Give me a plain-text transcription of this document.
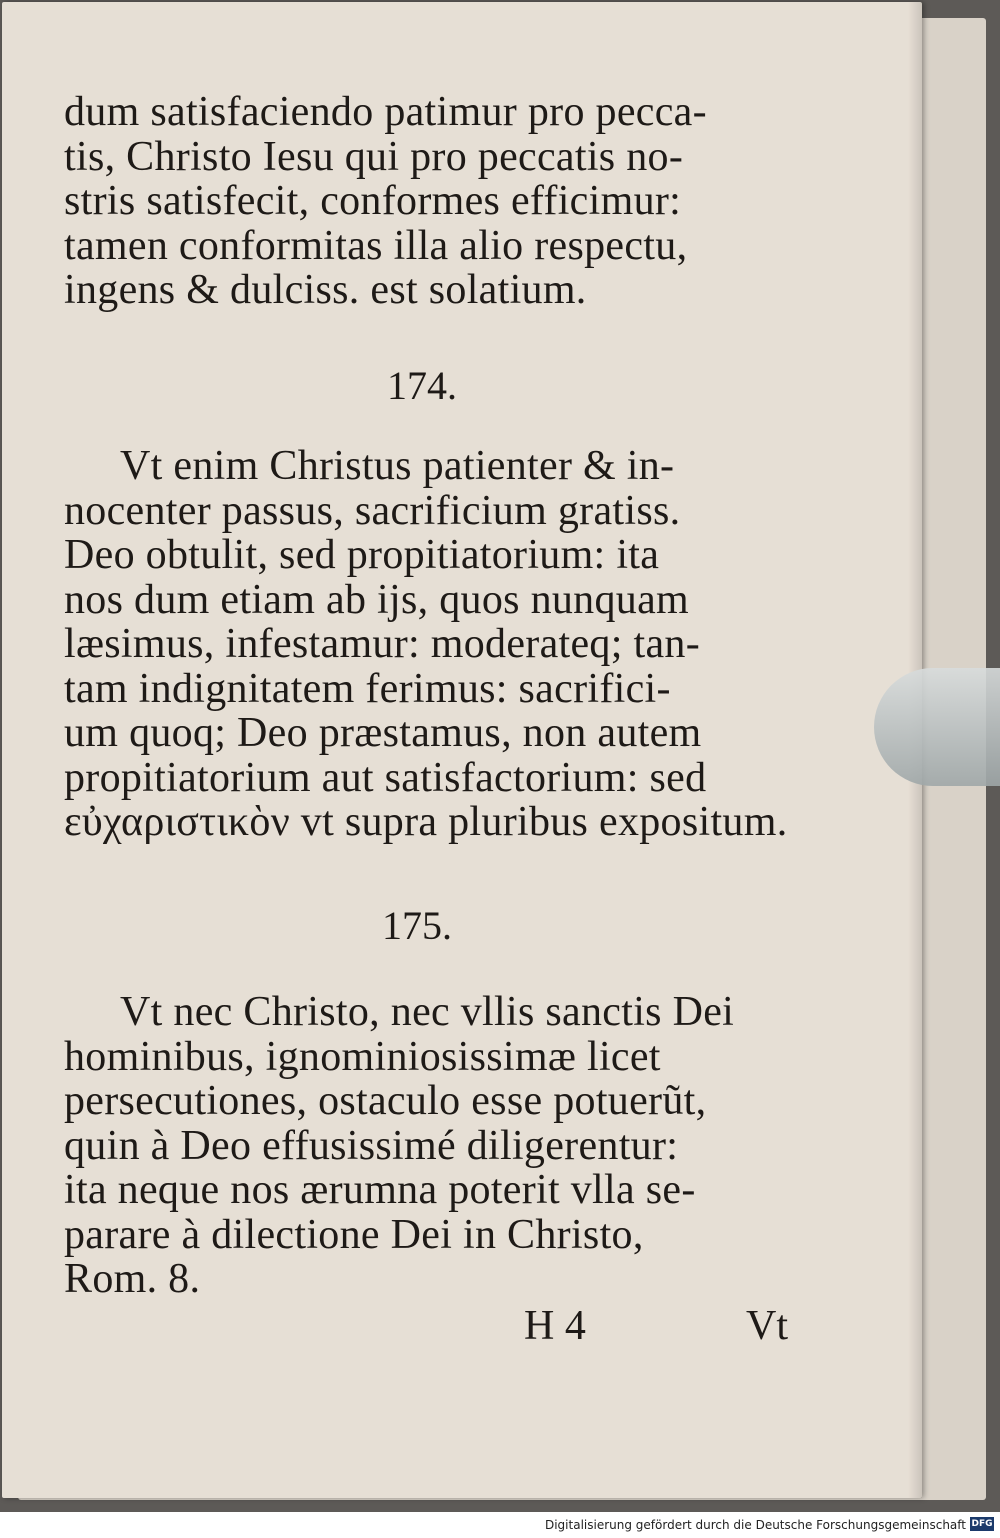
dum satisfaciendo patimur pro pecca-
tis, Christo Iesu qui pro peccatis no-
stris satisfecit, conformes efficimur:
tamen conformitas illa alio respectu,
ingens & dulciss. est solatium.
174.
Vt enim Christus patienter & in-
nocenter passus, sacrificium gratiss.
Deo obtulit, sed propitiatorium: ita
nos dum etiam ab ijs, quos nunquam
læsimus, infestamur: moderateq; tan-
tam indignitatem ferimus: sacrifici-
um quoq; Deo præstamus, non autem
propitiatorium aut satisfactorium: sed
εὐχαριστικὸν vt supra pluribus expositum.
175.
Vt nec Christo, nec vllis sanctis Dei
hominibus, ignominiosissimæ licet
persecutiones, ostaculo esse potuerũt,
quin à Deo effusissimé diligerentur:
ita neque nos ærumna poterit vlla se-
parare à dilectione Dei in Christo,
Rom. 8.
H 4	Vt
Digitalisierung gefördert durch die Deutsche Forschungsgemeinschaft DFG
